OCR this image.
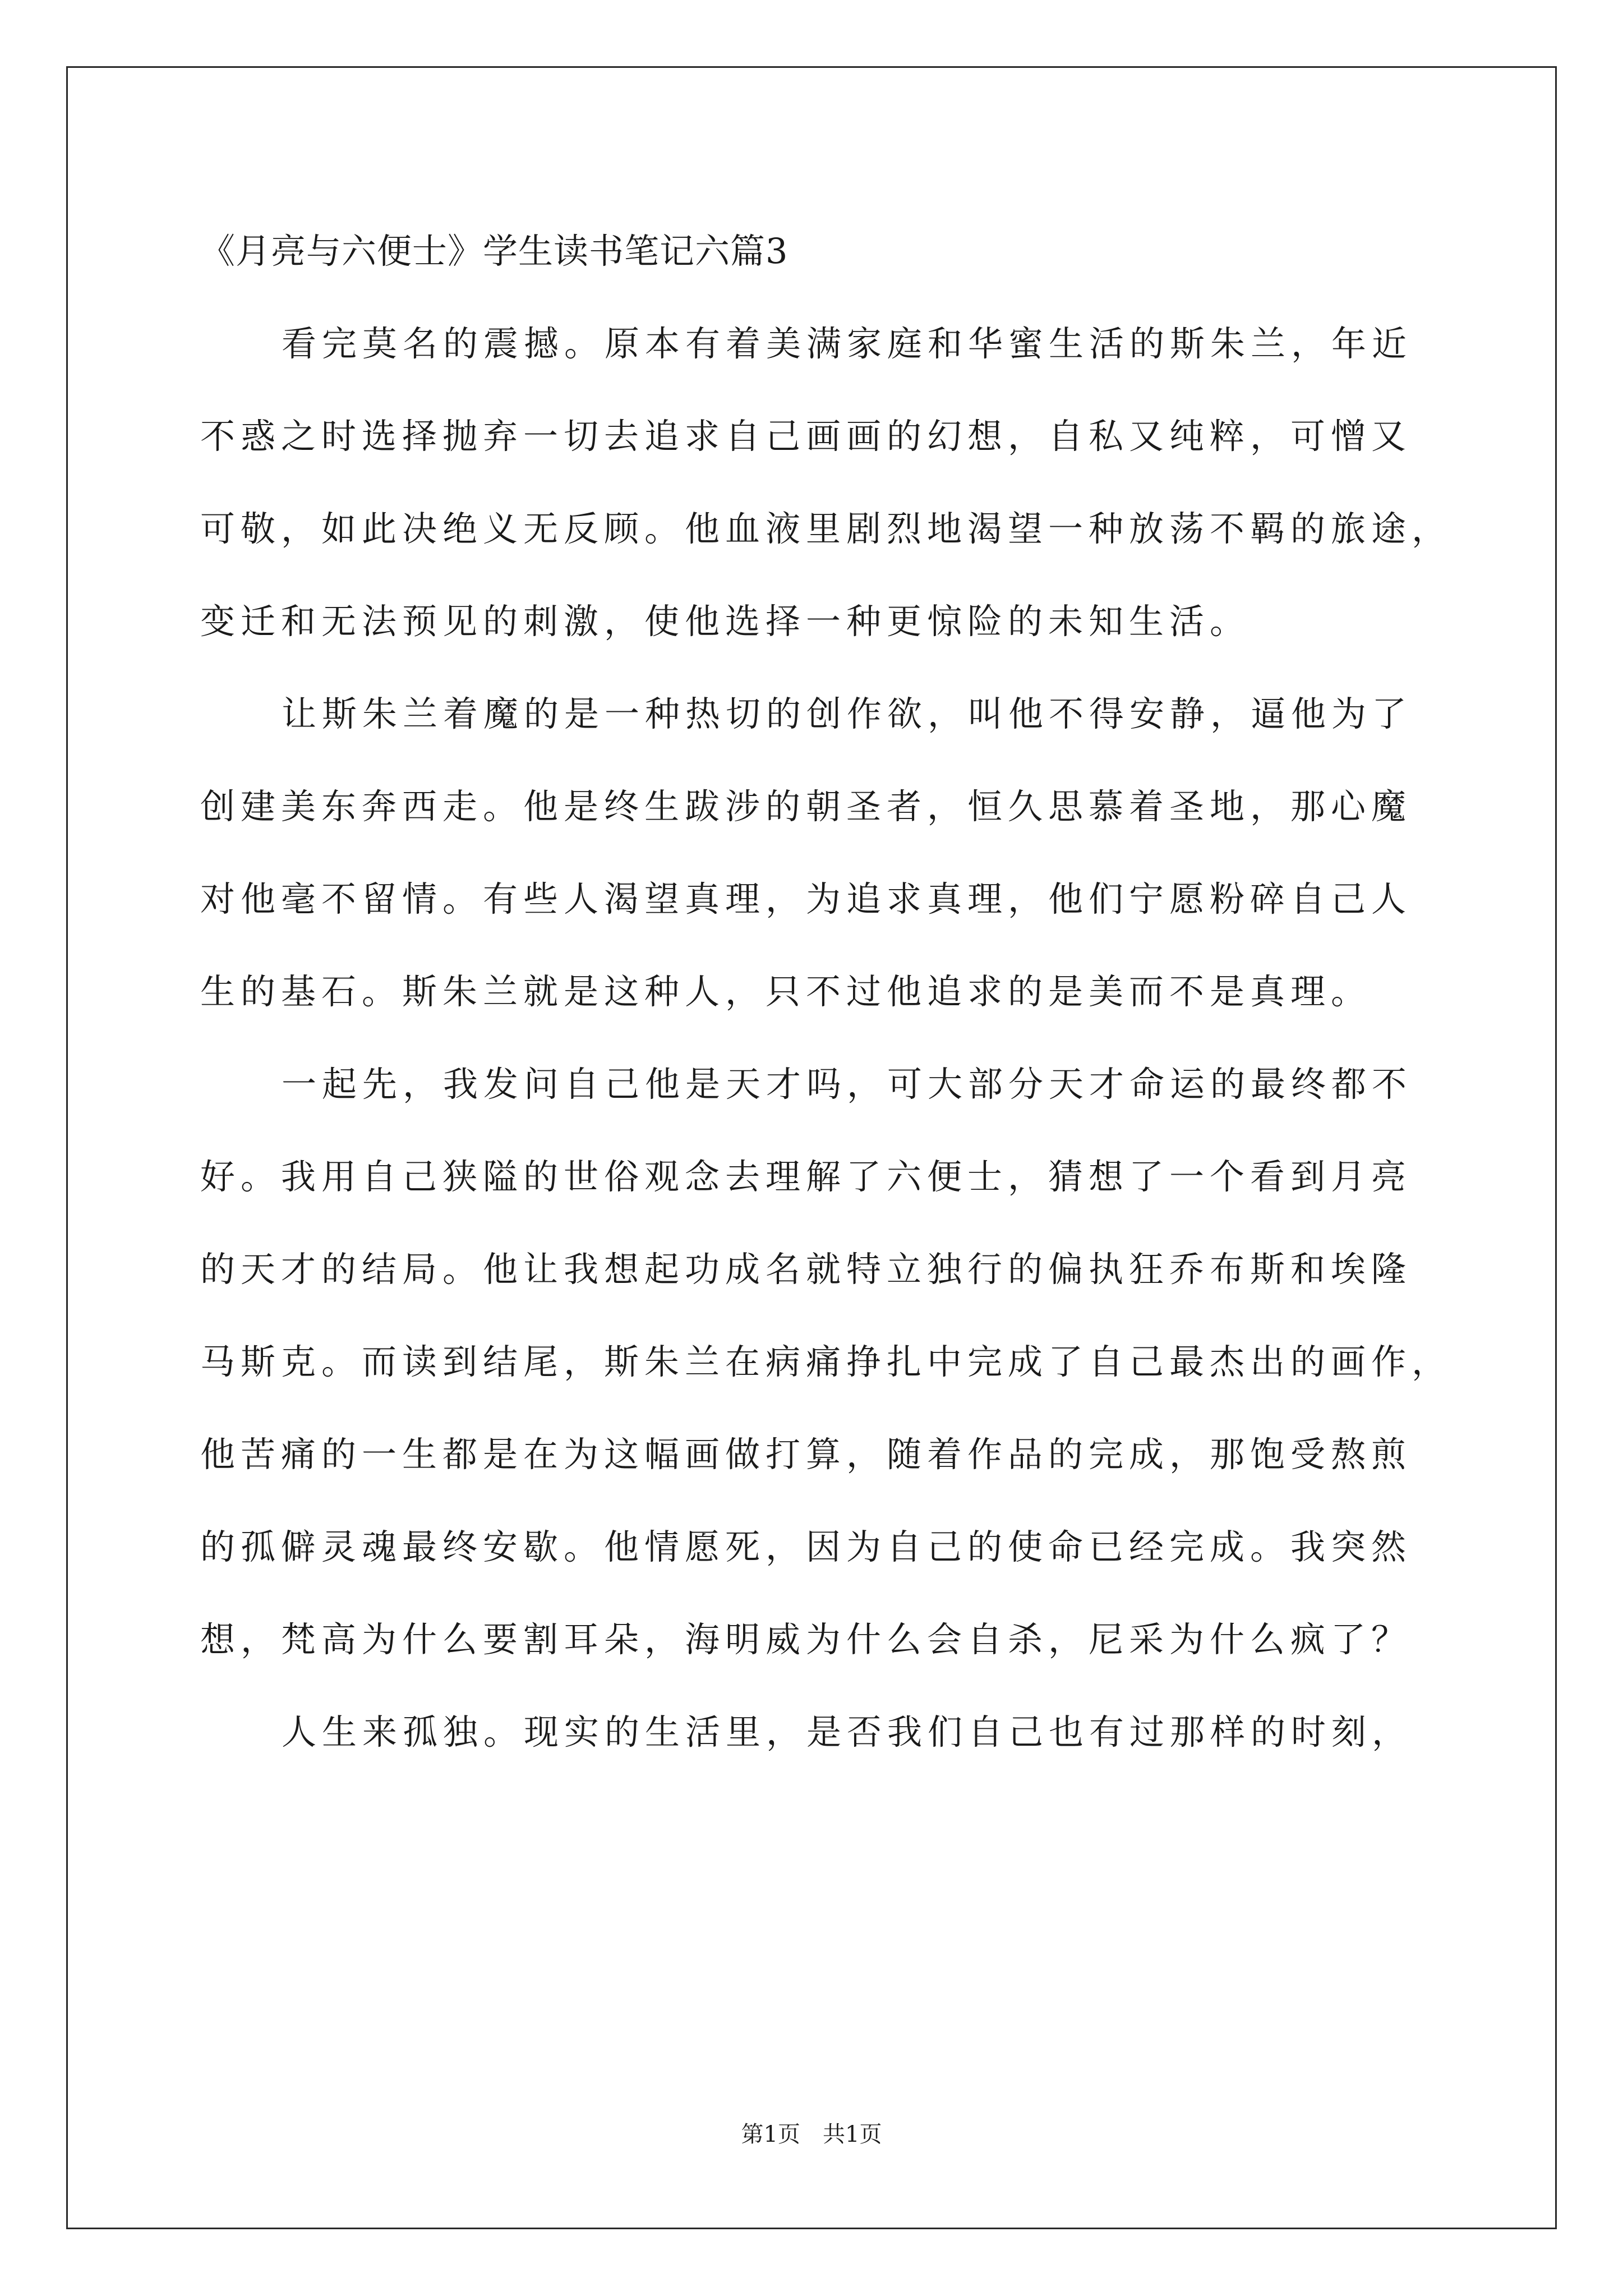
《月亮与六便士》学生读书笔记六篇3
看完莫名的震撼。原本有着美满家庭和华蜜生活的斯朱兰，年近
不惑之时选择抛弃一切去追求自己画画的幻想，自私又纯粹，可憎又
可敬，如此决绝义无反顾。他血液里剧烈地渴望一种放荡不羁的旅途，
变迁和无法预见的刺激，使他选择一种更惊险的未知生活。
让斯朱兰着魔的是一种热切的创作欲，叫他不得安静，逼他为了
创建美东奔西走。他是终生跋涉的朝圣者，恒久思慕着圣地，那心魔
对他毫不留情。有些人渴望真理，为追求真理，他们宁愿粉碎自己人
生的基石。斯朱兰就是这种人，只不过他追求的是美而不是真理。
一起先，我发问自己他是天才吗，可大部分天才命运的最终都不
好。我用自己狭隘的世俗观念去理解了六便士，猜想了一个看到月亮
的天才的结局。他让我想起功成名就特立独行的偏执狂乔布斯和埃隆
马斯克。而读到结尾，斯朱兰在病痛挣扎中完成了自己最杰出的画作，
他苦痛的一生都是在为这幅画做打算，随着作品的完成，那饱受熬煎
的孤僻灵魂最终安歇。他情愿死，因为自己的使命已经完成。我突然
想，梵高为什么要割耳朵，海明威为什么会自杀，尼采为什么疯了？
人生来孤独。现实的生活里，是否我们自己也有过那样的时刻，
第1页　共1页
